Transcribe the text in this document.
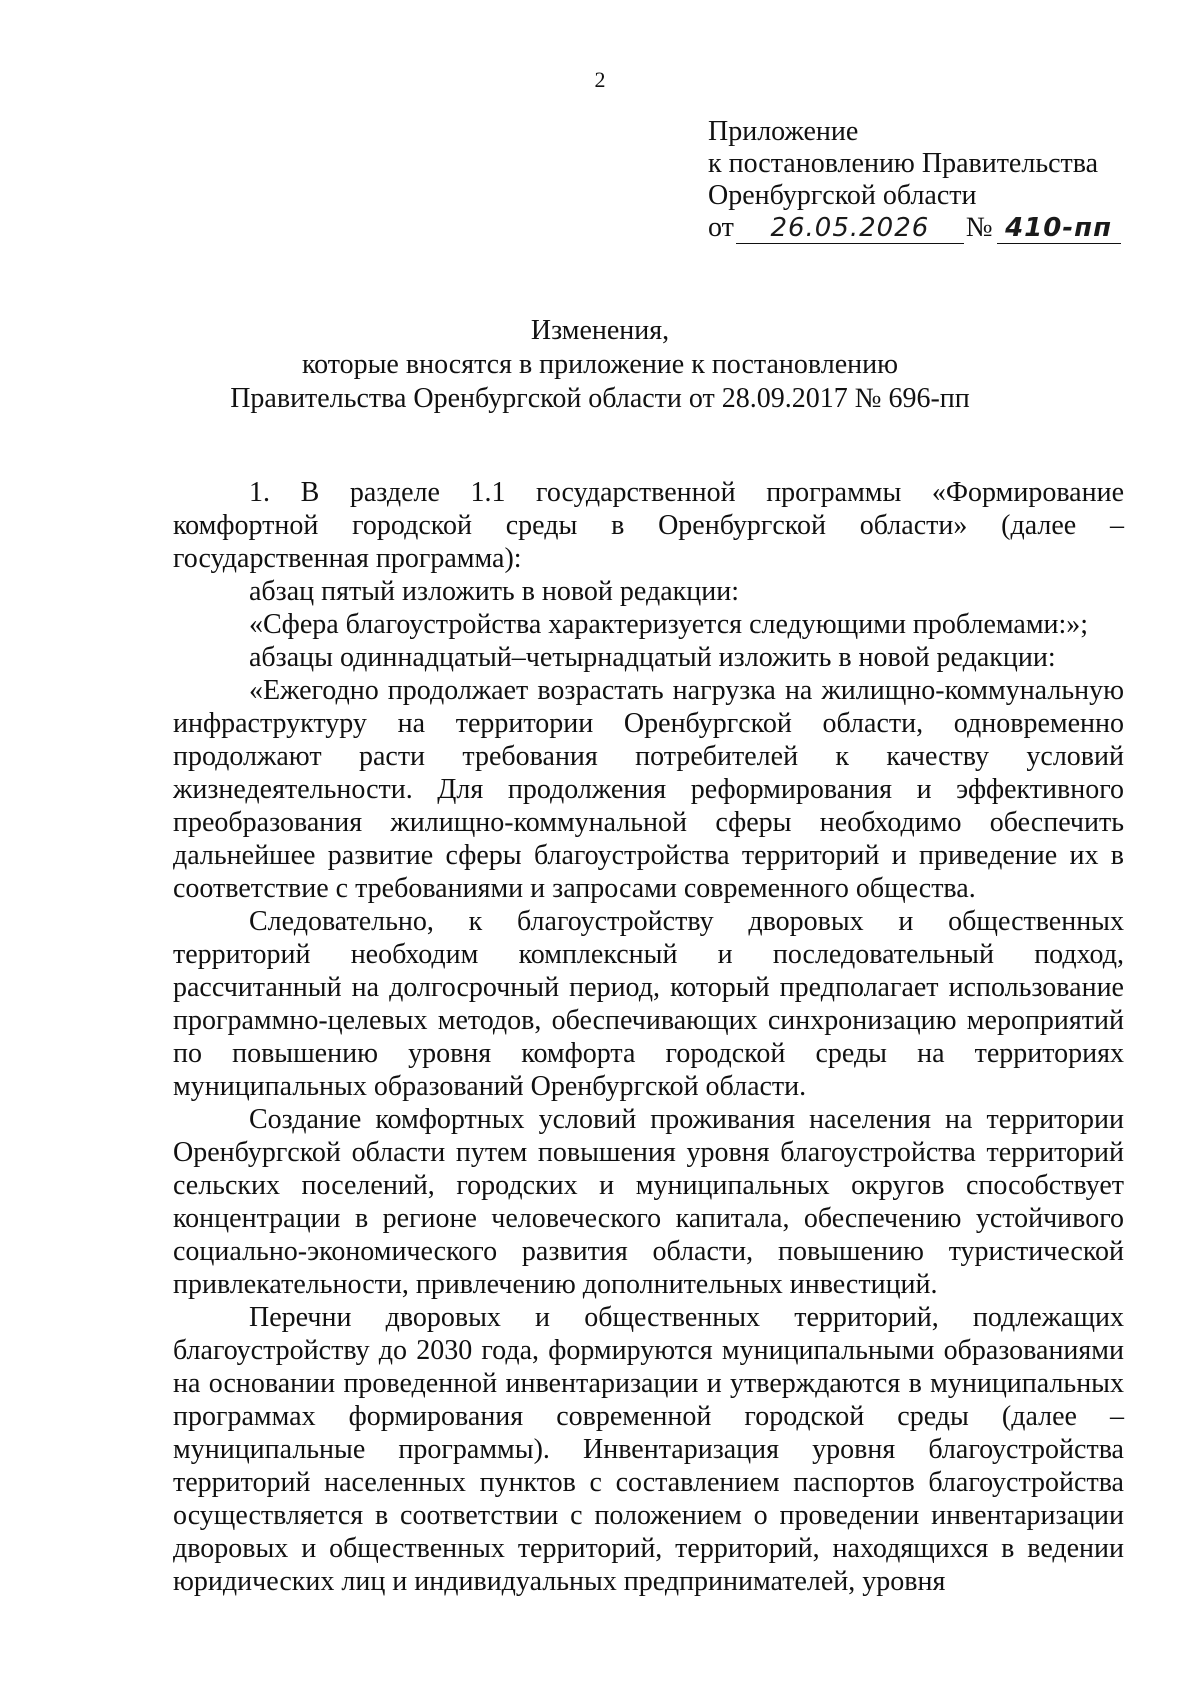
2
Приложение
к постановлению Правительства
Оренбургской области
от	26.05.2026	№ 410-пп
Изменения,
которые вносятся в приложение к постановлению
Правительства Оренбургской области от 28.09.2017 № 696-пп

1. В разделе 1.1 государственной программы «Формирование комфортной городской среды в Оренбургской области» (далее – государственная программа):

абзац пятый изложить в новой редакции:

«Сфера благоустройства характеризуется следующими проблемами:»;

абзацы одиннадцатый–четырнадцатый изложить в новой редакции:

«Ежегодно продолжает возрастать нагрузка на жилищно-коммунальную инфраструктуру на территории Оренбургской области, одновременно продолжают расти требования потребителей к качеству условий жизнедеятельности. Для продолжения реформирования и эффективного преобразования жилищно-коммунальной сферы необходимо обеспечить дальнейшее развитие сферы благоустройства территорий и приведение их в соответствие с требованиями и запросами современного общества.

Следовательно, к благоустройству дворовых и общественных территорий необходим комплексный и последовательный подход, рассчитанный на долгосрочный период, который предполагает использование программно-целевых методов, обеспечивающих синхронизацию мероприятий по повышению уровня комфорта городской среды на территориях муниципальных образований Оренбургской области.

Создание комфортных условий проживания населения на территории Оренбургской области путем повышения уровня благоустройства территорий сельских поселений, городских и муниципальных округов способствует концентрации в регионе человеческого капитала, обеспечению устойчивого социально-экономического развития области, повышению туристической привлекательности, привлечению дополнительных инвестиций.

Перечни дворовых и общественных территорий, подлежащих благоустройству до 2030 года, формируются муниципальными образованиями на основании проведенной инвентаризации и утверждаются в муниципальных программах формирования современной городской среды (далее – муниципальные программы). Инвентаризация уровня благоустройства территорий населенных пунктов с составлением паспортов благоустройства осуществляется в соответствии с положением о проведении инвентаризации дворовых и общественных территорий, территорий, находящихся в ведении юридических лиц и индивидуальных предпринимателей, уровня
